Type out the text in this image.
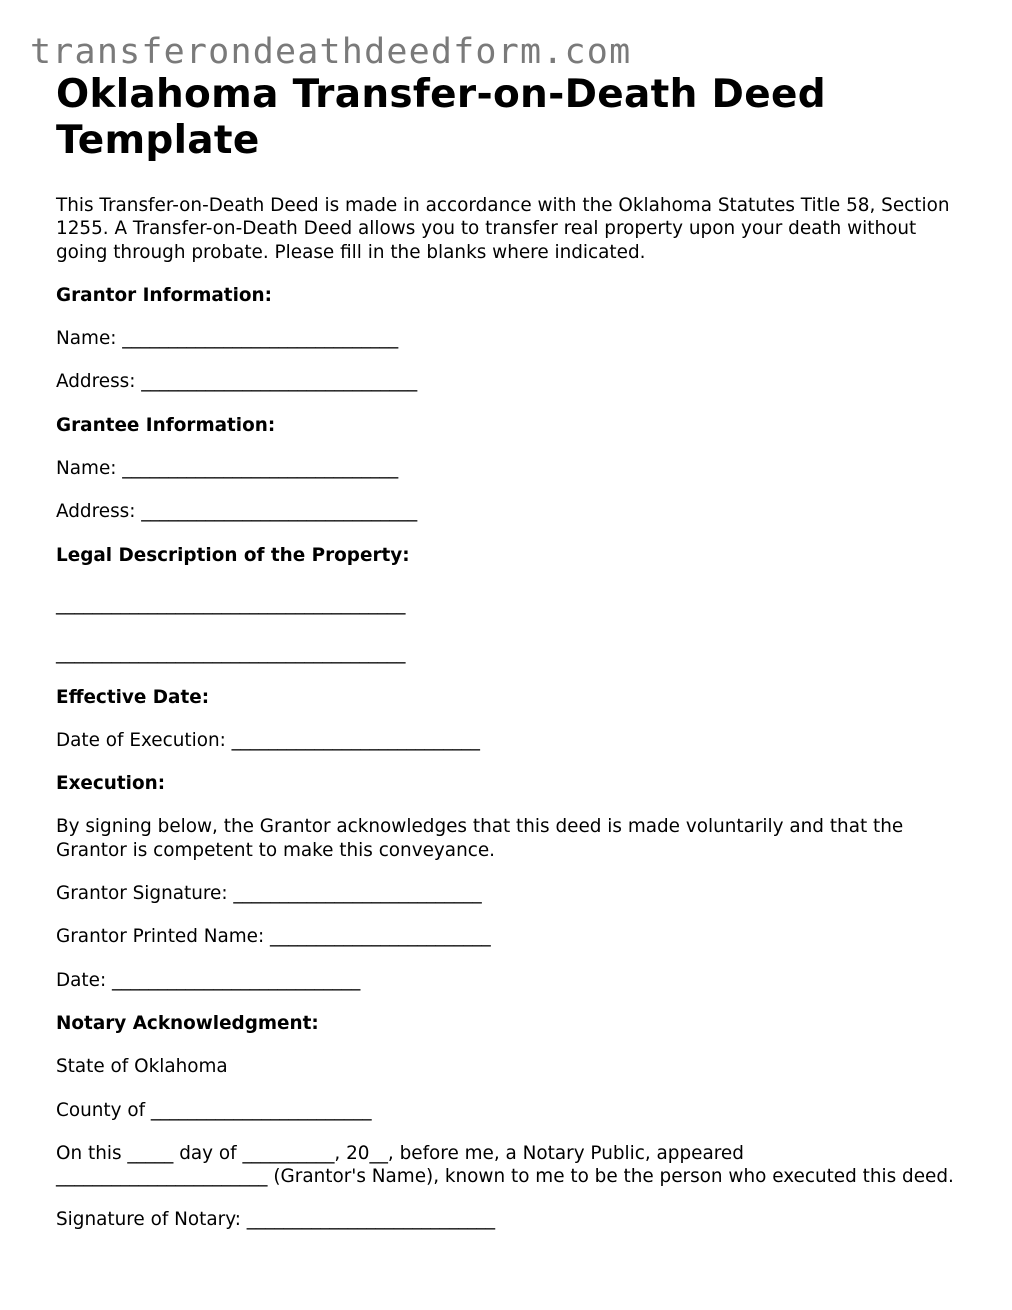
transferondeathdeedform.com
Oklahoma Transfer-on-Death Deed Template

This Transfer-on-Death Deed is made in accordance with the Oklahoma Statutes Title 58, Section 1255. A Transfer-on-Death Deed allows you to transfer real property upon your death without going through probate. Please fill in the blanks where indicated.

Grantor Information:

Name: ______________________________

Address: ______________________________

Grantee Information:

Name: ______________________________

Address: ______________________________

Legal Description of the Property:

______________________________________

______________________________________

Effective Date:

Date of Execution: ___________________________

Execution:

By signing below, the Grantor acknowledges that this deed is made voluntarily and that the Grantor is competent to make this conveyance.

Grantor Signature: ___________________________

Grantor Printed Name: ________________________

Date: ___________________________

Notary Acknowledgment:

State of Oklahoma

County of ________________________

On this _____ day of __________, 20__, before me, a Notary Public, appeared _______________________ (Grantor's Name), known to me to be the person who executed this deed.

Signature of Notary: ___________________________
